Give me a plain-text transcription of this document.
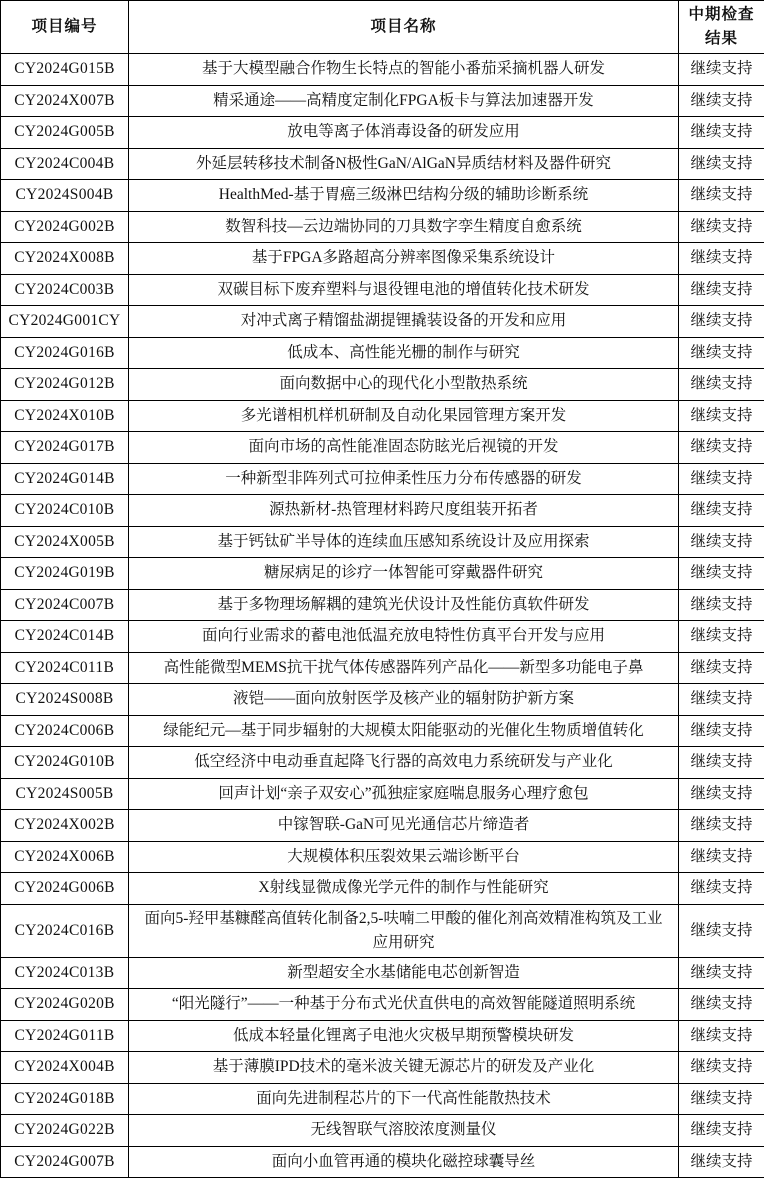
项目编号	项目名称	中期检查结果
CY2024G015B	基于大模型融合作物生长特点的智能小番茄采摘机器人研发	继续支持
CY2024X007B	精采通途——高精度定制化FPGA板卡与算法加速器开发	继续支持
CY2024G005B	放电等离子体消毒设备的研发应用	继续支持
CY2024C004B	外延层转移技术制备N极性GaN/AlGaN异质结材料及器件研究	继续支持
CY2024S004B	HealthMed-基于胃癌三级淋巴结构分级的辅助诊断系统	继续支持
CY2024G002B	数智科技—云边端协同的刀具数字孪生精度自愈系统	继续支持
CY2024X008B	基于FPGA多路超高分辨率图像采集系统设计	继续支持
CY2024C003B	双碳目标下废弃塑料与退役锂电池的增值转化技术研发	继续支持
CY2024G001CY	对冲式离子精馏盐湖提锂撬装设备的开发和应用	继续支持
CY2024G016B	低成本、高性能光栅的制作与研究	继续支持
CY2024G012B	面向数据中心的现代化小型散热系统	继续支持
CY2024X010B	多光谱相机样机研制及自动化果园管理方案开发	继续支持
CY2024G017B	面向市场的高性能准固态防眩光后视镜的开发	继续支持
CY2024G014B	一种新型非阵列式可拉伸柔性压力分布传感器的研发	继续支持
CY2024C010B	源热新材-热管理材料跨尺度组装开拓者	继续支持
CY2024X005B	基于钙钛矿半导体的连续血压感知系统设计及应用探索	继续支持
CY2024G019B	糖尿病足的诊疗一体智能可穿戴器件研究	继续支持
CY2024C007B	基于多物理场解耦的建筑光伏设计及性能仿真软件研发	继续支持
CY2024C014B	面向行业需求的蓄电池低温充放电特性仿真平台开发与应用	继续支持
CY2024C011B	高性能微型MEMS抗干扰气体传感器阵列产品化——新型多功能电子鼻	继续支持
CY2024S008B	液铠——面向放射医学及核产业的辐射防护新方案	继续支持
CY2024C006B	绿能纪元—基于同步辐射的大规模太阳能驱动的光催化生物质增值转化	继续支持
CY2024G010B	低空经济中电动垂直起降飞行器的高效电力系统研发与产业化	继续支持
CY2024S005B	回声计划“亲子双安心”孤独症家庭喘息服务心理疗愈包	继续支持
CY2024X002B	中镓智联-GaN可见光通信芯片缔造者	继续支持
CY2024X006B	大规模体积压裂效果云端诊断平台	继续支持
CY2024G006B	X射线显微成像光学元件的制作与性能研究	继续支持
CY2024C016B	面向5-羟甲基糠醛高值转化制备2,5-呋喃二甲酸的催化剂高效精准构筑及工业应用研究	继续支持
CY2024C013B	新型超安全水基储能电芯创新智造	继续支持
CY2024G020B	“阳光隧行”——一种基于分布式光伏直供电的高效智能隧道照明系统	继续支持
CY2024G011B	低成本轻量化锂离子电池火灾极早期预警模块研发	继续支持
CY2024X004B	基于薄膜IPD技术的毫米波关键无源芯片的研发及产业化	继续支持
CY2024G018B	面向先进制程芯片的下一代高性能散热技术	继续支持
CY2024G022B	无线智联气溶胶浓度测量仪	继续支持
CY2024G007B	面向小血管再通的模块化磁控球囊导丝	继续支持
